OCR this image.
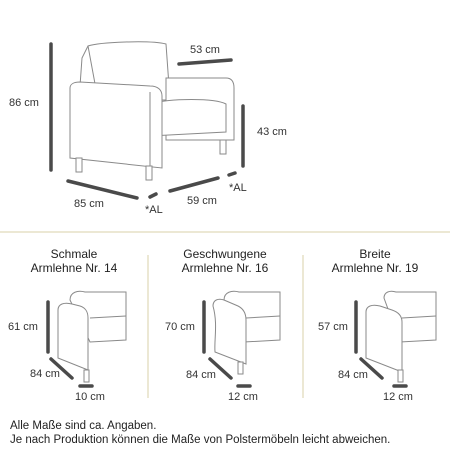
86 cm
53 cm
43 cm
*AL
85 cm	59 cm
*AL
Schmale
Armlehne Nr. 14
Geschwungene
Armlehne Nr. 16
Breite
Armlehne Nr. 19
61 cm
84 cm
10 cm
70 cm
84 cm
12 cm
57 cm
84 cm
12 cm
Alle Maße sind ca. Angaben.
Je nach Produktion können die Maße von Polstermöbeln leicht abweichen.
